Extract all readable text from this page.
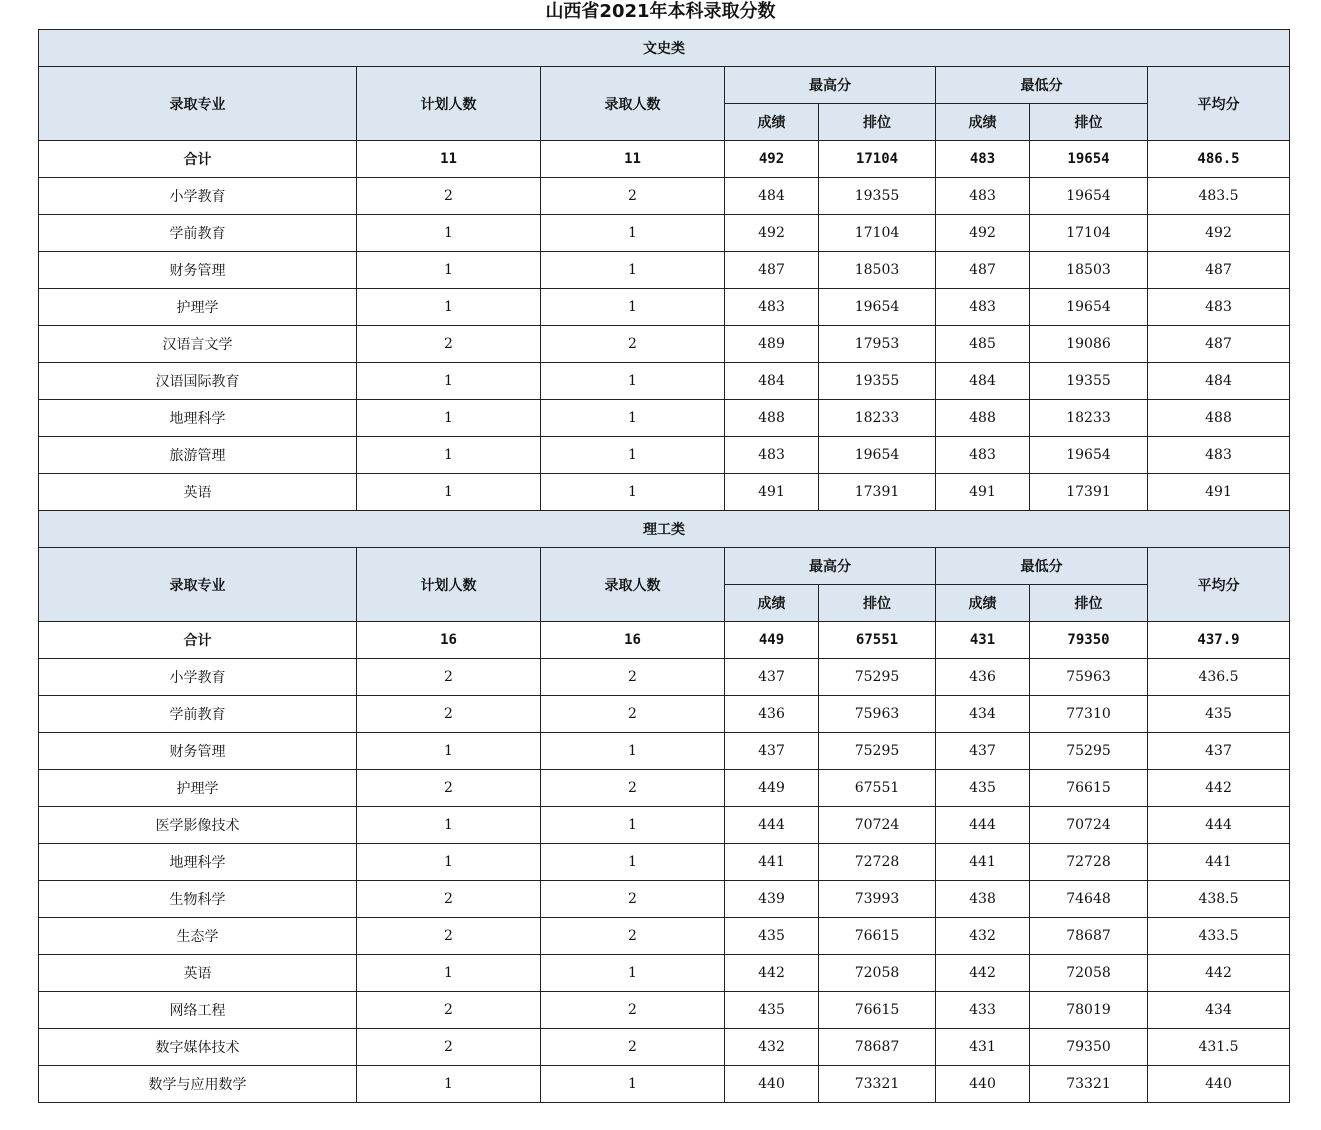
山西省2021年本科录取分数
文史类							
录取专业	计划人数	录取人数	最高分		最低分		平均分
			成绩	排位	成绩	排位	
合计	11	11	492	17104	483	19654	486.5
小学教育	2	2	484	19355	483	19654	483.5
学前教育	1	1	492	17104	492	17104	492
财务管理	1	1	487	18503	487	18503	487
护理学	1	1	483	19654	483	19654	483
汉语言文学	2	2	489	17953	485	19086	487
汉语国际教育	1	1	484	19355	484	19355	484
地理科学	1	1	488	18233	488	18233	488
旅游管理	1	1	483	19654	483	19654	483
英语	1	1	491	17391	491	17391	491
理工类							
录取专业	计划人数	录取人数	最高分		最低分		平均分
			成绩	排位	成绩	排位	
合计	16	16	449	67551	431	79350	437.9
小学教育	2	2	437	75295	436	75963	436.5
学前教育	2	2	436	75963	434	77310	435
财务管理	1	1	437	75295	437	75295	437
护理学	2	2	449	67551	435	76615	442
医学影像技术	1	1	444	70724	444	70724	444
地理科学	1	1	441	72728	441	72728	441
生物科学	2	2	439	73993	438	74648	438.5
生态学	2	2	435	76615	432	78687	433.5
英语	1	1	442	72058	442	72058	442
网络工程	2	2	435	76615	433	78019	434
数字媒体技术	2	2	432	78687	431	79350	431.5
数学与应用数学	1	1	440	73321	440	73321	440
